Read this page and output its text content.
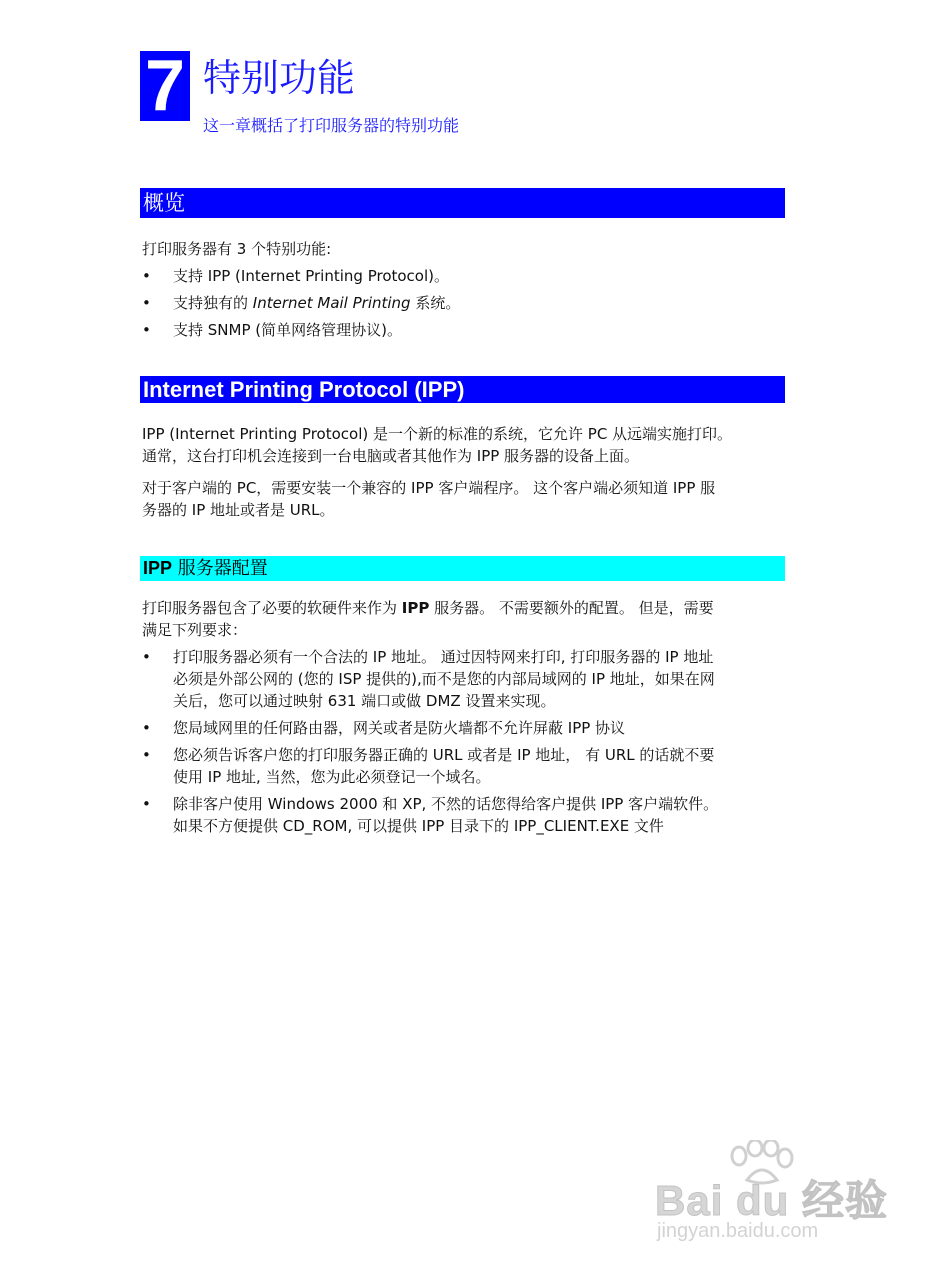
7 特别功能
这一章概括了打印服务器的特别功能
概览

打印服务器有 3 个特别功能:

• 支持 IPP (Internet Printing Protocol)。
• 支持独有的 Internet Mail Printing 系统。
• 支持 SNMP (简单网络管理协议)。
Internet Printing Protocol (IPP)
IPP (Internet Printing Protocol) 是一个新的标准的系统，它允许 PC 从远端实施打印。
通常，这台打印机会连接到一台电脑或者其他作为 IPP 服务器的设备上面。
对于客户端的 PC，需要安装一个兼容的 IPP 客户端程序。 这个客户端必须知道 IPP 服
务器的 IP 地址或者是 URL。
IPP 服务器配置
打印服务器包含了必要的软硬件来作为 IPP 服务器。 不需要额外的配置。 但是，需要
满足下列要求：
• 打印服务器必须有一个合法的 IP 地址。 通过因特网来打印, 打印服务器的 IP 地址
必须是外部公网的 (您的 ISP 提供的),而不是您的内部局域网的 IP 地址，如果在网
关后，您可以通过映射 631 端口或做 DMZ 设置来实现。
• 您局域网里的任何路由器，网关或者是防火墙都不允许屏蔽 IPP 协议
• 您必须告诉客户您的打印服务器正确的 URL 或者是 IP 地址， 有 URL 的话就不要
使用 IP 地址, 当然，您为此必须登记一个域名。
• 除非客户使用 Windows 2000 和 XP, 不然的话您得给客户提供 IPP 客户端软件。
如果不方便提供 CD_ROM, 可以提供 IPP 目录下的 IPP_CLIENT.EXE 文件
Bai du 经验
jingyan.baidu.com
